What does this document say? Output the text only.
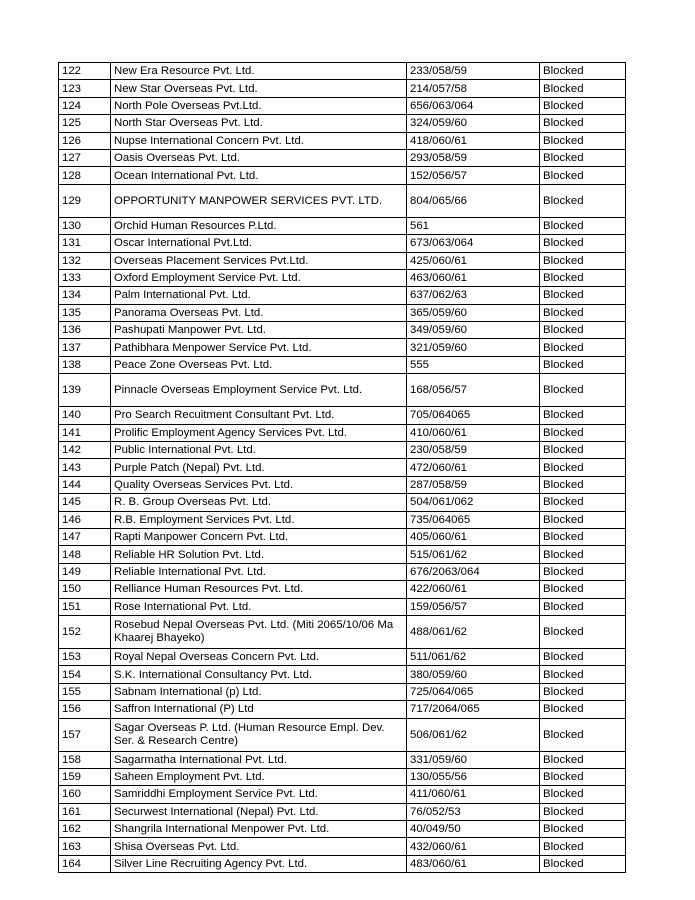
122	New Era Resource Pvt. Ltd.	233/058/59	Blocked
123	New Star Overseas Pvt. Ltd.	214/057/58	Blocked
124	North Pole Overseas Pvt.Ltd.	656/063/064	Blocked
125	North Star Overseas Pvt. Ltd.	324/059/60	Blocked
126	Nupse International Concern Pvt. Ltd.	418/060/61	Blocked
127	Oasis Overseas Pvt. Ltd.	293/058/59	Blocked
128	Ocean International Pvt. Ltd.	152/056/57	Blocked
129	OPPORTUNITY MANPOWER SERVICES PVT. LTD.	804/065/66	Blocked
130	Orchid Human Resources P.Ltd.	561	Blocked
131	Oscar International Pvt.Ltd.	673/063/064	Blocked
132	Overseas Placement Services Pvt.Ltd.	425/060/61	Blocked
133	Oxford Employment Service Pvt. Ltd.	463/060/61	Blocked
134	Palm International Pvt. Ltd.	637/062/63	Blocked
135	Panorama Overseas Pvt. Ltd.	365/059/60	Blocked
136	Pashupati Manpower Pvt. Ltd.	349/059/60	Blocked
137	Pathibhara Menpower Service Pvt. Ltd.	321/059/60	Blocked
138	Peace Zone Overseas Pvt. Ltd.	555	Blocked
139	Pinnacle Overseas Employment Service Pvt. Ltd.	168/056/57	Blocked
140	Pro Search Recuitment Consultant Pvt. Ltd.	705/064065	Blocked
141	Prolific Employment Agency Services Pvt. Ltd.	410/060/61	Blocked
142	Public International Pvt. Ltd.	230/058/59	Blocked
143	Purple Patch (Nepal) Pvt. Ltd.	472/060/61	Blocked
144	Quality Overseas Services Pvt. Ltd.	287/058/59	Blocked
145	R. B. Group Overseas Pvt. Ltd.	504/061/062	Blocked
146	R.B. Employment Services Pvt. Ltd.	735/064065	Blocked
147	Rapti Manpower Concern Pvt. Ltd.	405/060/61	Blocked
148	Reliable HR Solution Pvt. Ltd.	515/061/62	Blocked
149	Reliable International Pvt. Ltd.	676/2063/064	Blocked
150	Relliance Human Resources Pvt. Ltd.	422/060/61	Blocked
151	Rose International Pvt. Ltd.	159/056/57	Blocked
152	Rosebud Nepal Overseas Pvt. Ltd. (Miti 2065/10/06 Ma Khaarej Bhayeko)	488/061/62	Blocked
153	Royal Nepal Overseas Concern Pvt. Ltd.	511/061/62	Blocked
154	S.K. International Consultancy Pvt. Ltd.	380/059/60	Blocked
155	Sabnam International (p) Ltd.	725/064/065	Blocked
156	Saffron International (P) Ltd	717/2064/065	Blocked
157	Sagar Overseas P. Ltd. (Human Resource Empl. Dev. Ser. & Research Centre)	506/061/62	Blocked
158	Sagarmatha International Pvt. Ltd.	331/059/60	Blocked
159	Saheen Employment Pvt. Ltd.	130/055/56	Blocked
160	Samriddhi Employment Service Pvt. Ltd.	411/060/61	Blocked
161	Securwest International (Nepal) Pvt. Ltd.	76/052/53	Blocked
162	Shangrila International Menpower Pvt. Ltd.	40/049/50	Blocked
163	Shisa Overseas Pvt. Ltd.	432/060/61	Blocked
164	Silver Line Recruiting Agency Pvt. Ltd.	483/060/61	Blocked
